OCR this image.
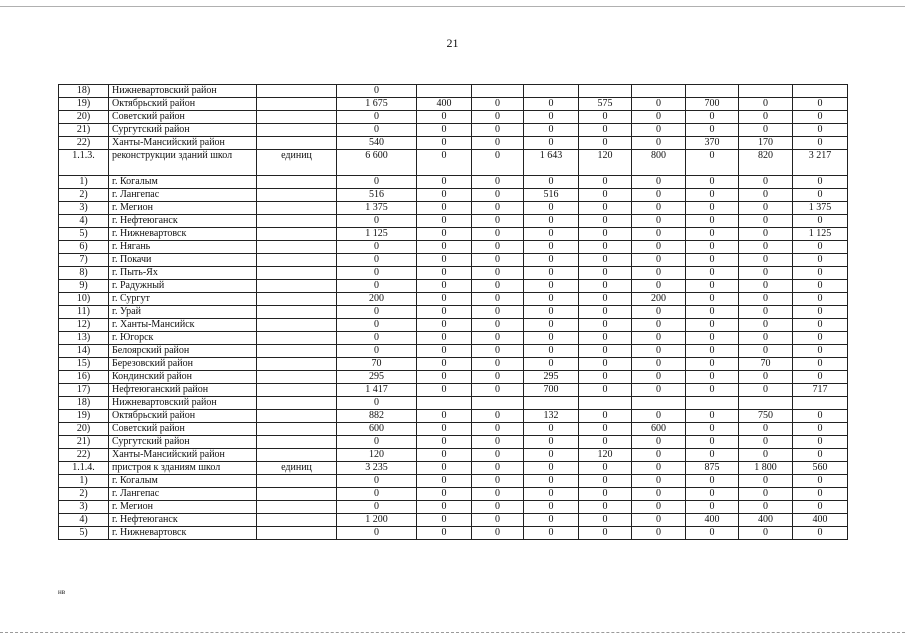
21
18)	Нижневартовский район		0								
19)	Октябрьский район		1 675	400	0	0	575	0	700	0	0
20)	Советский район		0	0	0	0	0	0	0	0	0
21)	Сургутский район		0	0	0	0	0	0	0	0	0
22)	Ханты-Мансийский район		540	0	0	0	0	0	370	170	0
1.1.3.	реконструкции зданий школ	единиц	6 600	0	0	1 643	120	800	0	820	3 217
1)	г. Когалым		0	0	0	0	0	0	0	0	0
2)	г. Лангепас		516	0	0	516	0	0	0	0	0
3)	г. Мегион		1 375	0	0	0	0	0	0	0	1 375
4)	г. Нефтеюганск		0	0	0	0	0	0	0	0	0
5)	г. Нижневартовск		1 125	0	0	0	0	0	0	0	1 125
6)	г. Нягань		0	0	0	0	0	0	0	0	0
7)	г. Покачи		0	0	0	0	0	0	0	0	0
8)	г. Пыть-Ях		0	0	0	0	0	0	0	0	0
9)	г. Радужный		0	0	0	0	0	0	0	0	0
10)	г. Сургут		200	0	0	0	0	200	0	0	0
11)	г. Урай		0	0	0	0	0	0	0	0	0
12)	г. Ханты-Мансийск		0	0	0	0	0	0	0	0	0
13)	г. Югорск		0	0	0	0	0	0	0	0	0
14)	Белоярский район		0	0	0	0	0	0	0	0	0
15)	Березовский район		70	0	0	0	0	0	0	70	0
16)	Кондинский район		295	0	0	295	0	0	0	0	0
17)	Нефтеюганский район		1 417	0	0	700	0	0	0	0	717
18)	Нижневартовский район		0								
19)	Октябрьский район		882	0	0	132	0	0	0	750	0
20)	Советский район		600	0	0	0	0	600	0	0	0
21)	Сургутский район		0	0	0	0	0	0	0	0	0
22)	Ханты-Мансийский район		120	0	0	0	120	0	0	0	0
1.1.4.	пристроя к зданиям школ	единиц	3 235	0	0	0	0	0	875	1 800	560
1)	г. Когалым		0	0	0	0	0	0	0	0	0
2)	г. Лангепас		0	0	0	0	0	0	0	0	0
3)	г. Мегион		0	0	0	0	0	0	0	0	0
4)	г. Нефтеюганск		1 200	0	0	0	0	0	400	400	400
5)	г. Нижневартовск		0	0	0	0	0	0	0	0	0
нв
